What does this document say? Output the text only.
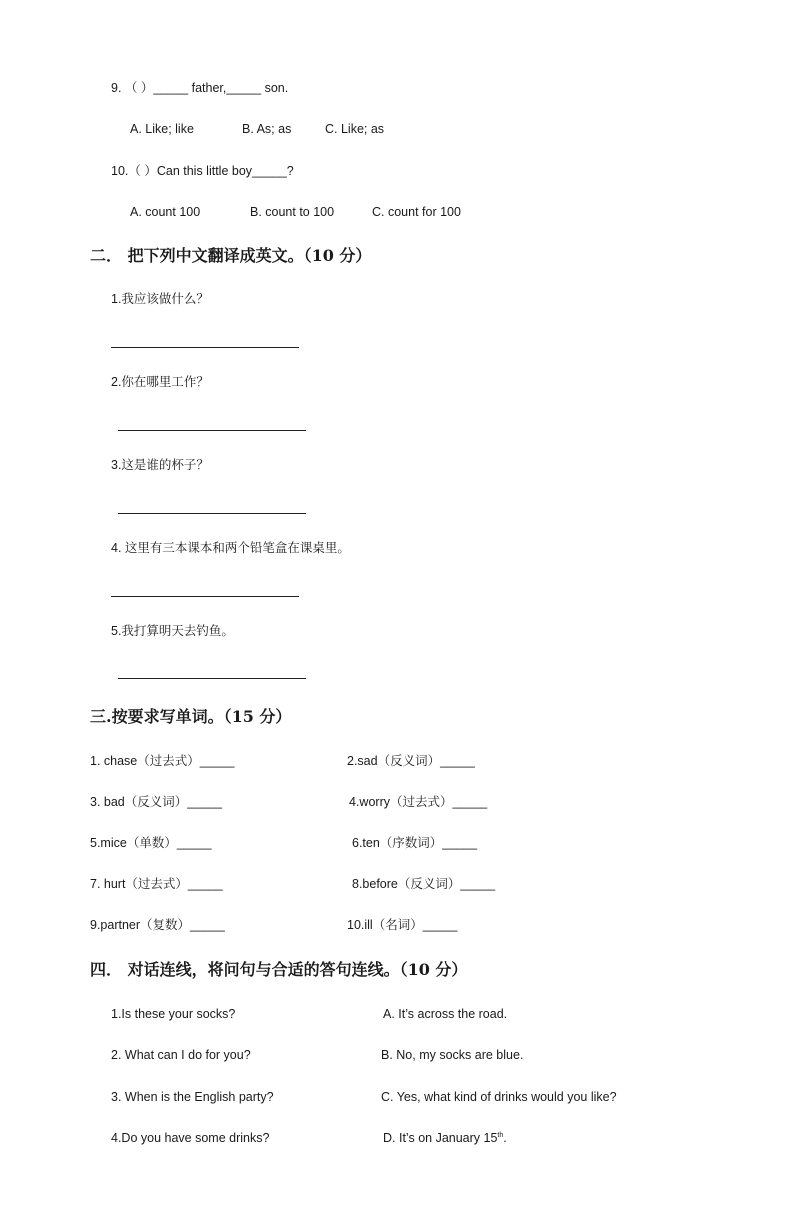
9. （ ）_____ father,_____ son.
A. Like; like	B. As; as	C. Like; as
10.（ ）Can this little boy_____?
A. count 100	B. count to 100	C. count for 100
二． 把下列中文翻译成英文。（10 分）
1.我应该做什么？
2.你在哪里工作？
3.这是谁的杯子？
4. 这里有三本课本和两个铅笔盒在课桌里。
5.我打算明天去钓鱼。
三.按要求写单词。（15 分）
1. chase（过去式）_____	2.sad（反义词）_____
3. bad（反义词）_____	4.worry（过去式）_____
5.mice（单数）_____	6.ten（序数词）_____
7. hurt（过去式）_____	8.before（反义词）_____
9.partner（复数）_____	10.ill（名词）_____
四． 对话连线，将问句与合适的答句连线。（10 分）
1.Is these your socks?	A. It’s across the road.
2. What can I do for you?	B. No, my socks are blue.
3. When is the English party?	C. Yes, what kind of drinks would you like?
4.Do you have some drinks?	D. It’s on January 15th.
